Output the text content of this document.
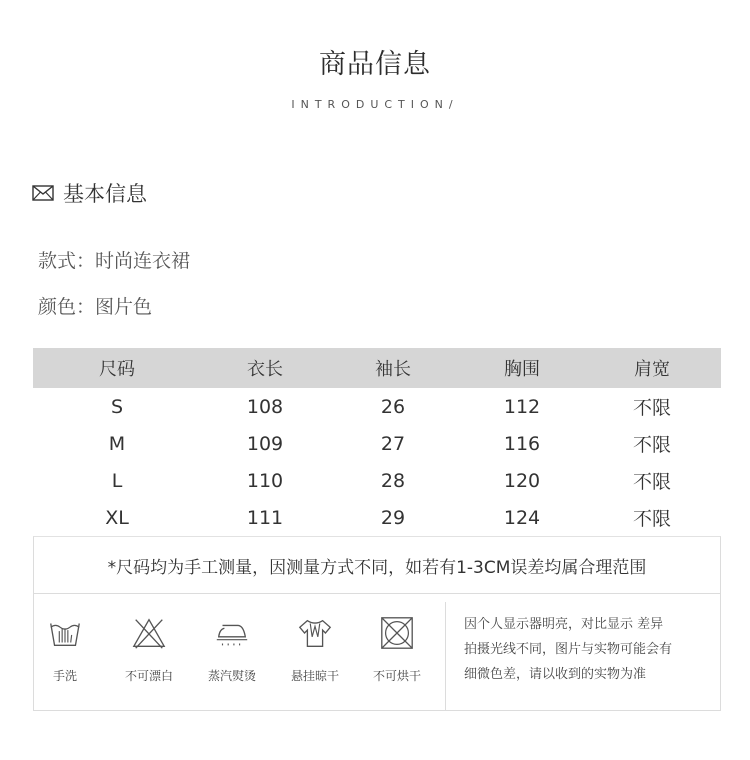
商品信息
INTRODUCTION/
基本信息
款式：时尚连衣裙
颜色：图片色
尺码	衣长	袖长	胸围	肩宽
S	108	26	112	不限
M	109	27	116	不限
L	110	28	120	不限
XL	111	29	124	不限
*尺码均为手工测量，因测量方式不同，如若有1-3CM误差均属合理范围
手洗	不可漂白	蒸汽熨烫	悬挂晾干	不可烘干
因个人显示器明亮，对比显示 差异
拍摄光线不同，图片与实物可能会有
细微色差，请以收到的实物为准
